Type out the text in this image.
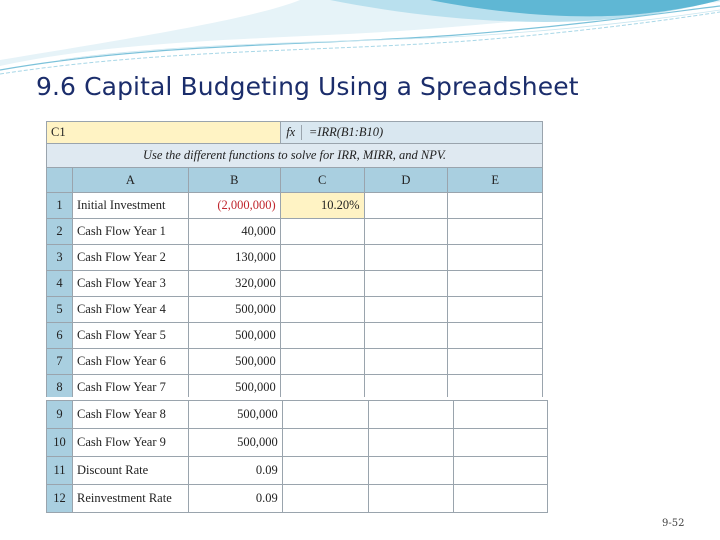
9.6 Capital Budgeting Using a Spreadsheet
C1			fx =IRR(B1:B10)		
Use the different functions to solve for IRR, MIRR, and NPV.					
	A	B	C	D	E
1	Initial Investment	(2,000,000)	10.20%		
2	Cash Flow Year 1	40,000			
3	Cash Flow Year 2	130,000			
4	Cash Flow Year 3	320,000			
5	Cash Flow Year 4	500,000			
6	Cash Flow Year 5	500,000			
7	Cash Flow Year 6	500,000			
8	Cash Flow Year 7	500,000			
9	Cash Flow Year 8	500,000			
10	Cash Flow Year 9	500,000			
11	Discount Rate	0.09			
12	Reinvestment Rate	0.09			
9-52
